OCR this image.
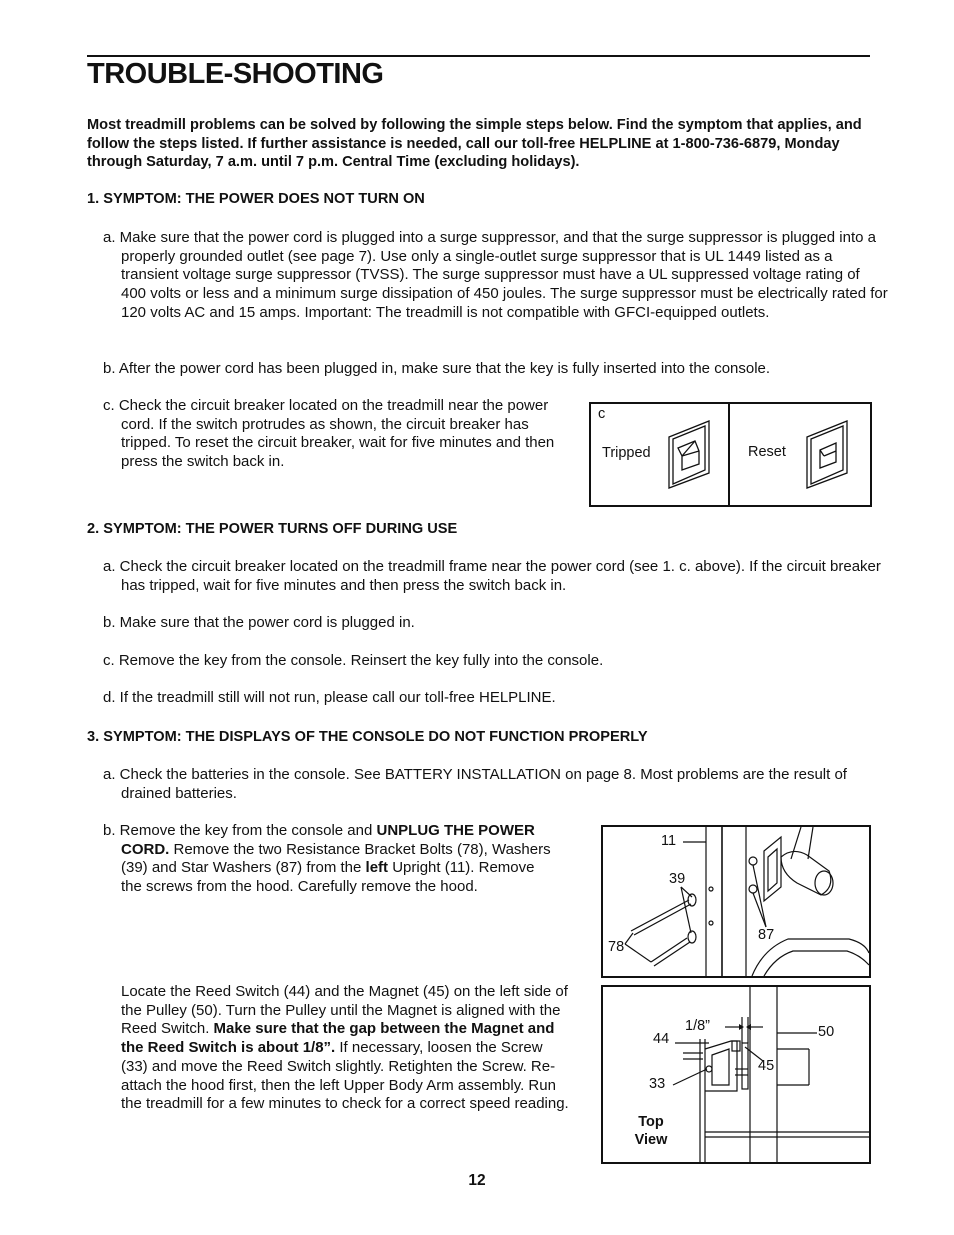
TROUBLE-SHOOTING
Most treadmill problems can be solved by following the simple steps below. Find the symptom that applies, and follow the steps listed. If further assistance is needed, call our toll-free HELPLINE at 1-800-736-6879, Monday through Saturday, 7 a.m. until 7 p.m. Central Time (excluding holidays).
1. SYMPTOM: THE POWER DOES NOT TURN ON
a. Make sure that the power cord is plugged into a surge suppressor, and that the surge suppressor is plugged into a properly grounded outlet (see page 7). Use only a single-outlet surge suppressor that is UL 1449 listed as a transient voltage surge suppressor (TVSS). The surge suppressor must have a UL suppressed voltage rating of 400 volts or less and a minimum surge dissipation of 450 joules. The surge suppressor must be electrically rated for 120 volts AC and 15 amps. Important: The treadmill is not compatible with GFCI-equipped outlets.
b. After the power cord has been plugged in, make sure that the key is fully inserted into the console.
c. Check the circuit breaker located on the treadmill near the power cord. If the switch protrudes as shown, the circuit breaker has tripped. To reset the circuit breaker, wait for five minutes and then press the switch back in.
c
Tripped	Reset
2. SYMPTOM: THE POWER TURNS OFF DURING USE
a. Check the circuit breaker located on the treadmill frame near the power cord (see 1. c. above). If the circuit breaker has tripped, wait for five minutes and then press the switch back in.
b. Make sure that the power cord is plugged in.
c. Remove the key from the console. Reinsert the key fully into the console.
d. If the treadmill still will not run, please call our toll-free HELPLINE.
3. SYMPTOM: THE DISPLAYS OF THE CONSOLE DO NOT FUNCTION PROPERLY
a. Check the batteries in the console. See BATTERY INSTALLATION on page 8. Most problems are the result of drained batteries.
b. Remove the key from the console and UNPLUG THE POWER CORD. Remove the two Resistance Bracket Bolts (78), Washers (39) and Star Washers (87) from the left Upright (11). Remove the screws from the hood. Carefully remove the hood.
Locate the Reed Switch (44) and the Magnet (45) on the left side of the Pulley (50). Turn the Pulley until the Magnet is aligned with the Reed Switch. Make sure that the gap between the Magnet and the Reed Switch is about 1/8”. If necessary, loosen the Screw (33) and move the Reed Switch slightly. Retighten the Screw. Re-attach the hood first, then the left Upper Body Arm assembly. Run the treadmill for a few minutes to check for a correct speed reading.
11
39
78
87
1/8”
44	50
45
33
Top
View
12
